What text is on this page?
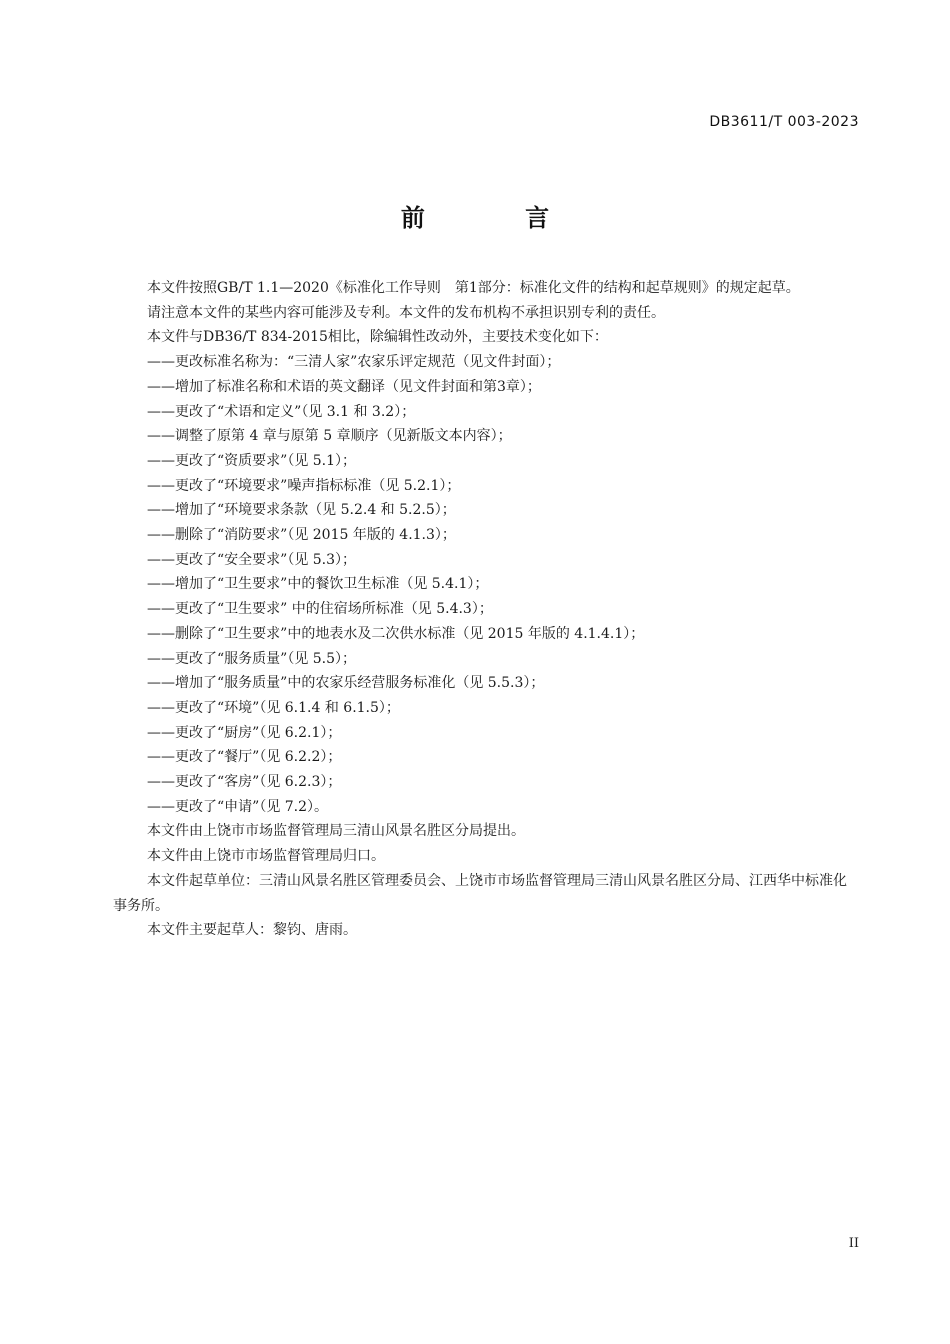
DB3611/T 003-2023
前 言

本文件按照GB/T 1.1—2020《标准化工作导则　第1部分：标准化文件的结构和起草规则》的规定起草。

请注意本文件的某些内容可能涉及专利。本文件的发布机构不承担识别专利的责任。

本文件与DB36/T 834-2015相比，除编辑性改动外，主要技术变化如下：

——更改标准名称为：“三清人家”农家乐评定规范（见文件封面）；

——增加了标准名称和术语的英文翻译（见文件封面和第3章）；

——更改了“术语和定义”（见 3.1 和 3.2）；

——调整了原第 4 章与原第 5 章顺序（见新版文本内容）；

——更改了“资质要求”（见 5.1）；

——更改了“环境要求”噪声指标标准（见 5.2.1）；

——增加了“环境要求条款（见 5.2.4 和 5.2.5）；

——删除了“消防要求”（见 2015 年版的 4.1.3）；

——更改了“安全要求”（见 5.3）；

——增加了“卫生要求”中的餐饮卫生标准（见 5.4.1）；

——更改了“卫生要求” 中的住宿场所标准（见 5.4.3）；

——删除了“卫生要求”中的地表水及二次供水标准（见 2015 年版的 4.1.4.1）；

——更改了“服务质量”（见 5.5）；

——增加了“服务质量”中的农家乐经营服务标准化（见 5.5.3）；

——更改了“环境”（见 6.1.4 和 6.1.5）；

——更改了“厨房”（见 6.2.1）；

——更改了“餐厅”（见 6.2.2）；

——更改了“客房”（见 6.2.3）；

——更改了“申请”（见 7.2）。

本文件由上饶市市场监督管理局三清山风景名胜区分局提出。

本文件由上饶市市场监督管理局归口。

本文件起草单位：三清山风景名胜区管理委员会、上饶市市场监督管理局三清山风景名胜区分局、江西华中标准化事务所。

本文件主要起草人：黎钧、唐雨。

II
